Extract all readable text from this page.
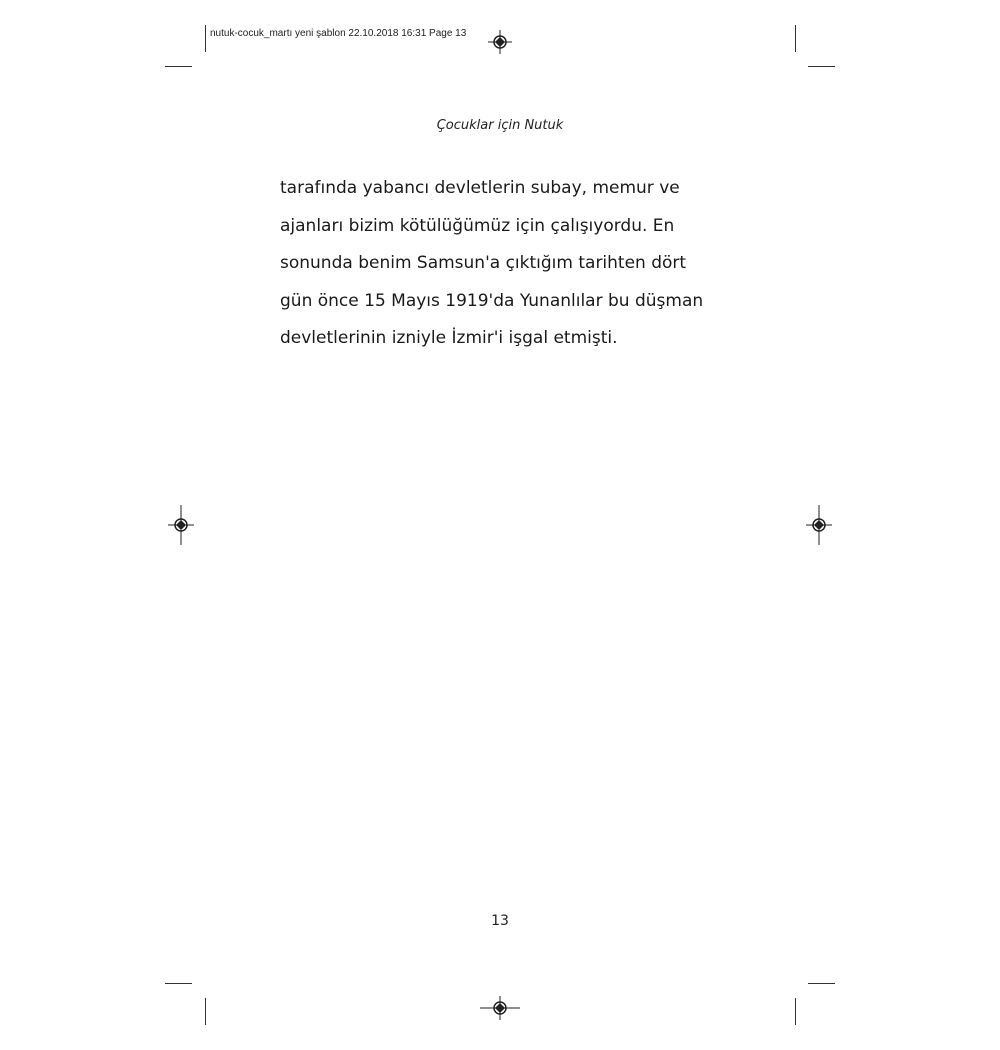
nutuk-cocuk_martı yeni şablon 22.10.2018 16:31 Page 13
Çocuklar için Nutuk
tarafında yabancı devletlerin subay, memur ve
ajanları bizim kötülüğümüz için çalışıyordu. En
sonunda benim Samsun'a çıktığım tarihten dört
gün önce 15 Mayıs 1919'da Yunanlılar bu düşman
devletlerinin izniyle İzmir'i işgal etmişti.
13
